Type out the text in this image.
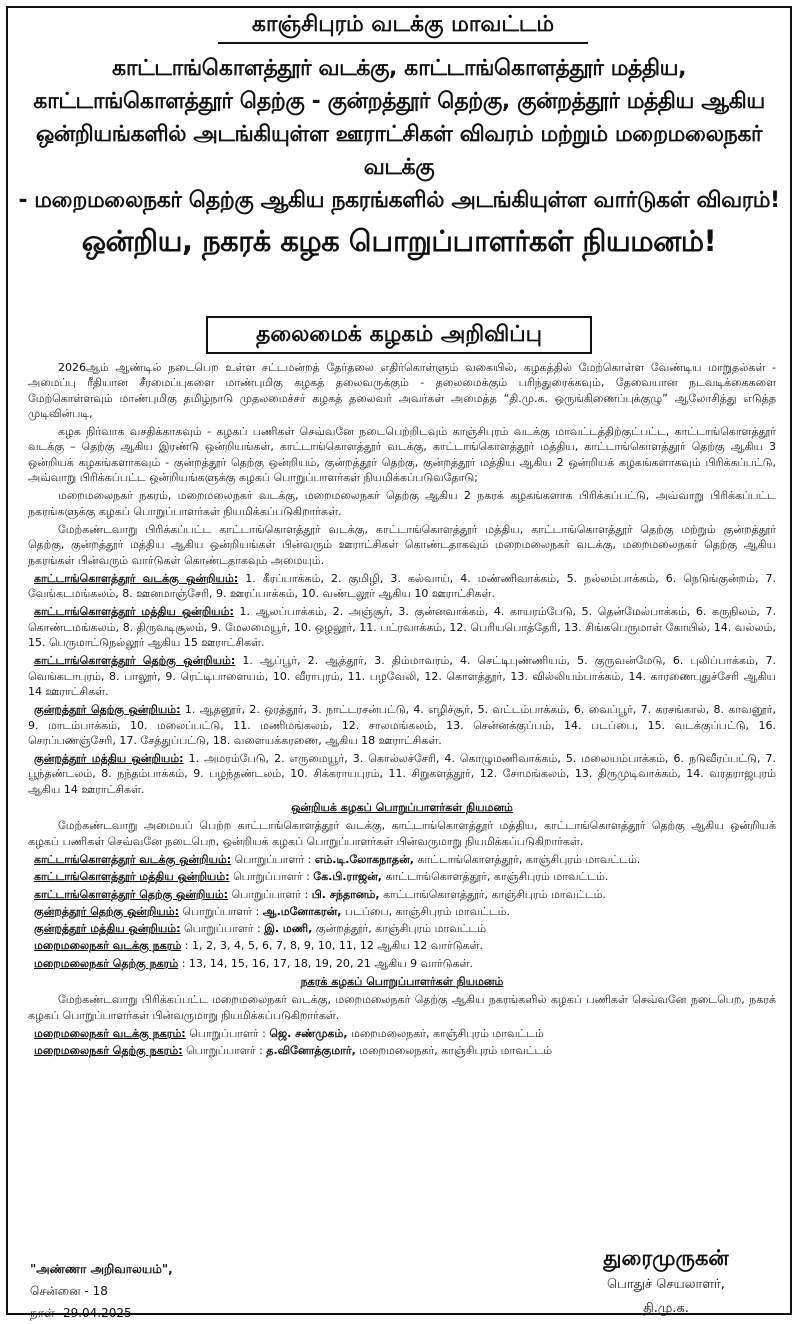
காஞ்சிபுரம் வடக்கு மாவட்டம்
காட்டாங்கொளத்தூர் வடக்கு, காட்டாங்கொளத்தூர் மத்திய,
காட்டாங்கொளத்தூர் தெற்கு - குன்றத்தூர் தெற்கு, குன்றத்தூர் மத்திய ஆகிய
ஒன்றியங்களில் அடங்கியுள்ள ஊராட்சிகள் விவரம் மற்றும் மறைமலைநகர் வடக்கு
- மறைமலைநகர் தெற்கு ஆகிய நகரங்களில் அடங்கியுள்ள வார்டுகள் விவரம்!
ஒன்றிய, நகரக் கழக பொறுப்பாளர்கள் நியமனம்!
தலைமைக் கழகம் அறிவிப்பு

2026ஆம் ஆண்டில் நடைபெற உள்ள சட்டமன்றத் தேர்தலை எதிர்கொள்ளும் வகையில், கழகத்தில் மேற்கொள்ள வேண்டிய மாறுதல்கள் - அமைப்பு ரீதியான சீரமைப்புகளை மாண்புமிகு கழகத் தலைவருக்கும் - தலைமைக்கும் பரிந்துரைக்கவும், தேவையான நடவடிக்கைகளை மேற்கொள்ளவும் மாண்புமிகு தமிழ்நாடு முதலமைச்சர் கழகத் தலைவர் அவர்கள் அமைத்த “தி.மு.க. ஒருங்கிணைப்புக்குழு” ஆலோசித்து எடுத்த முடிவின்படி,

கழக நிர்வாக வசதிக்காகவும் - கழகப் பணிகள் செவ்வனே நடைபெற்றிடவும் காஞ்சிபுரம் வடக்கு மாவட்டத்திற்குட்பட்ட, காட்டாங்கொளத்தூர் வடக்கு – தெற்கு ஆகிய இரண்டு ஒன்றியங்கள், காட்டாங்கொளத்தூர் வடக்கு, காட்டாங்கொளத்தூர் மத்திய, காட்டாங்கொளத்தூர் தெற்கு ஆகிய 3 ஒன்றியக் கழகங்களாகவும் - குன்றத்தூர் தெற்கு ஒன்றியம், குன்றத்தூர் தெற்கு, குன்றத்தூர் மத்திய ஆகிய 2 ஒன்றியக் கழகங்களாகவும் பிரிக்கப்பட்டு, அவ்வாறு பிரிக்கப்பட்ட ஒன்றியங்களுக்கு கழகப் பொறுப்பாளர்கள் நியமிக்கப்படுவதோடு;

மறைமலைநகர் நகரம், மறைமலைநகர் வடக்கு, மறைமலைநகர் தெற்கு ஆகிய 2 நகரக் கழகங்களாக பிரிக்கப்பட்டு, அவ்வாறு பிரிக்கப்பட்ட நகரங்களுக்கு கழகப் பொறுப்பாளர்கள் நியமிக்கப்படுகிறார்கள்.

மேற்கண்டவாறு பிரிக்கப்பட்ட காட்டாங்கொளத்தூர் வடக்கு, காட்டாங்கொளத்தூர் மத்திய, காட்டாங்கொளத்தூர் தெற்கு மற்றும் குன்றத்தூர் தெற்கு, குன்றத்தூர் மத்திய ஆகிய ஒன்றியங்கள் பின்வரும் ஊராட்சிகள் கொண்டதாகவும் மறைமலைநகர் வடக்கு, மறைமலைநகர் தெற்கு ஆகிய நகரங்கள் பின்வரும் வார்டுகள் கொண்டதாகவும் அமையும்.

காட்டாங்கொளத்தூர் வடக்கு ஒன்றியம்: 1. கீரப்பாக்கம், 2. குமிழி, 3. கல்வாய், 4. மண்ணிவாக்கம், 5. நல்லம்பாக்கம், 6. நெடுங்குன்றம், 7. வேங்கடமங்கலம், 8. ஊனமாஞ்சேரி, 9. ஊரப்பாக்கம், 10. வண்டலூர் ஆகிய 10 ஊராட்சிகள்.

காட்டாங்கொளத்தூர் மத்திய ஒன்றியம்: 1. ஆலப்பாக்கம், 2. அஞ்சூர், 3. குன்னவாக்கம், 4. காயரம்பேடு, 5. தென்மேல்பாக்கம், 6. கருநிலம், 7. கொண்டமங்கலம், 8. திருவடிசூலம், 9. மேலமையூர், 10. ஒழலூர், 11. பட்ரவாக்கம், 12. பெரியபொத்தேரி, 13. சிங்கபெருமாள் கோயில், 14. வல்லம், 15. பெருமாட்டுநல்லூர் ஆகிய 15 ஊராட்சிகள்.

காட்டாங்கொளத்தூர் தெற்கு ஒன்றியம்: 1. ஆப்பூர், 2. ஆத்தூர், 3. திம்மாவரம், 4. செட்டிபுண்ணியம், 5. குருவன்மேடு, 6. புலிப்பாக்கம், 7. வெங்கடாபுரம், 8. பாலூர், 9. ரெட்டிபாளையம், 10. வீராபுரம், 11. பழவேலி, 12. கொளத்தூர், 13. வில்லியம்பாக்கம், 14. காரணைபுதுச்சேரி ஆகிய 14 ஊராட்சிகள்.

குன்றத்தூர் தெற்கு ஒன்றியம்: 1. ஆதனூர், 2. ஒரத்தூர், 3. நாட்டரசன்பட்டு, 4. எழிச்சூர், 5. வட்டம்பாக்கம், 6. வைப்பூர், 7. கரசங்கால், 8. காவனூர், 9. மாடம்பாக்கம், 10. மலைப்பட்டு, 11. மணிமங்கலம், 12. சாலமங்கலம், 13. சென்னக்குப்பம், 14. படப்பை, 15. வடக்குப்பட்டு, 16. செரப்பணஞ்சேரி, 17. சேத்துப்பட்டு, 18. வளையக்கரணை, ஆகிய 18 ஊராட்சிகள்.

குன்றத்தூர் மத்திய ஒன்றியம்: 1. அமரம்பேடு, 2. எருமையூர், 3. கொல்லச்சேரி, 4. கொழுமணிவாக்கம், 5. மலையம்பாக்கம், 6. நடுவீரப்பட்டு, 7. பூந்தண்டலம், 8. நந்தம்பாக்கம், 9. பழந்தண்டலம், 10. சிக்கராயபுரம், 11. சிறுகளத்தூர், 12. சோமங்கலம், 13. திருமுடிவாக்கம், 14. வரதராஜபுரம் ஆகிய 14 ஊராட்சிகள்.

ஒன்றியக் கழகப் பொறுப்பாளர்கள் நியமனம்

மேற்கண்டவாறு அமையப் பெற்ற காட்டாங்கொளத்தூர் வடக்கு, காட்டாங்கொளத்தூர் மத்திய, காட்டாங்கொளத்தூர் தெற்கு ஆகிய ஒன்றியக் கழகப் பணிகள் செவ்வனே நடைபெற, ஒன்றியக் கழகப் பொறுப்பாளர்கள் பின்வருமாறு நியமிக்கப்படுகிறார்கள்.

காட்டாங்கொளத்தூர் வடக்கு ஒன்றியம்: பொறுப்பாளர் : எம்.டி.லோகநாதன், காட்டாங்கொளத்தூர், காஞ்சிபுரம் மாவட்டம்.

காட்டாங்கொளத்தூர் மத்திய ஒன்றியம்: பொறுப்பாளர் : கே.பி.ராஜன், காட்டாங்கொளத்தூர், காஞ்சிபுரம் மாவட்டம்.

காட்டாங்கொளத்தூர் தெற்கு ஒன்றியம்: பொறுப்பாளர் : பி. சந்தானம், காட்டாங்கொளத்தூர், காஞ்சிபுரம் மாவட்டம்.

குன்றத்தூர் தெற்கு ஒன்றியம்: பொறுப்பாளர் : ஆ.மனோகரன், படப்பை, காஞ்சிபுரம் மாவட்டம்.

குன்றத்தூர் மத்திய ஒன்றியம்: பொறுப்பாளர் : இ. மணி, குன்றத்தூர், காஞ்சிபுரம் மாவட்டம்

மறைமலைநகர் வடக்கு நகரம் : 1, 2, 3, 4, 5, 6, 7, 8, 9, 10, 11, 12 ஆகிய 12 வார்டுகள்.

மறைமலைநகர் தெற்கு நகரம் : 13, 14, 15, 16, 17, 18, 19, 20, 21 ஆகிய 9 வார்டுகள்.

நகரக் கழகப் பொறுப்பாளர்கள் நியமனம்

மேற்கண்டவாறு பிரிக்கப்பட்ட மறைமலைநகர் வடக்கு, மறைமலைநகர் தெற்கு ஆகிய நகரங்களில் கழகப் பணிகள் செவ்வனே நடைபெற, நகரக் கழகப் பொறுப்பாளர்கள் பின்வருமாறு நியமிக்கப்படுகிறார்கள்.

மறைமலைநகர் வடக்கு நகரம்: பொறுப்பாளர் : ஜெ. சண்முகம், மறைமலைநகர், காஞ்சிபுரம் மாவட்டம்

மறைமலைநகர் தெற்கு நகரம்: பொறுப்பாளர் : த.வினோத்குமார், மறைமலைநகர், காஞ்சிபுரம் மாவட்டம்

"அண்ணா அறிவாலயம்",
சென்னை - 18
நாள்- 29.04.2025
துரைமுருகன்
பொதுச் செயலாளர்,
தி.மு.க.
